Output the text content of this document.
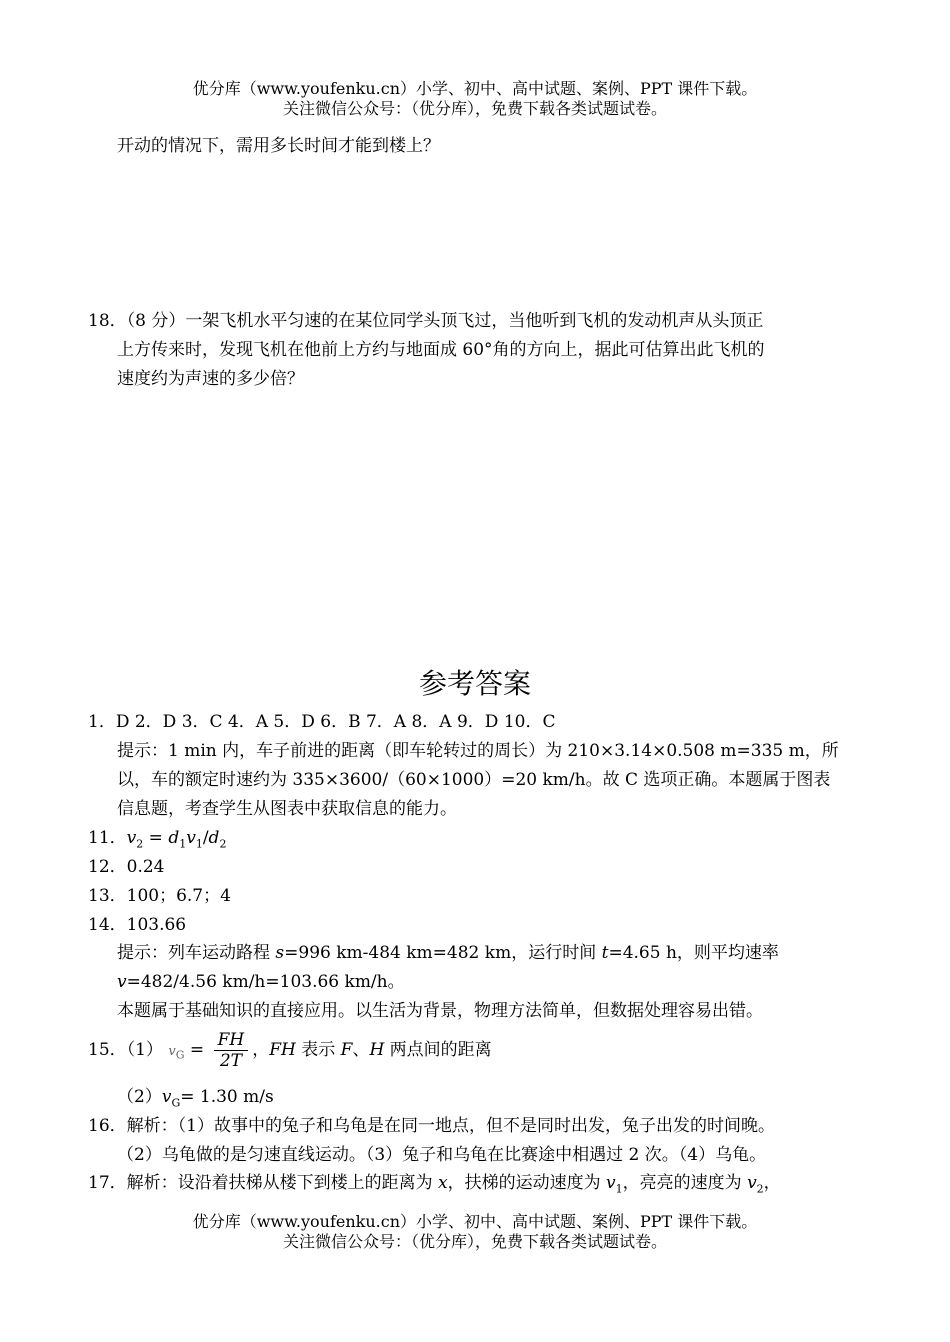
优分库（www.youfenku.cn）小学、初中、高中试题、案例、PPT 课件下载。
关注微信公众号：（优分库），免费下载各类试题试卷。
开动的情况下，需用多长时间才能到楼上？
18．（8 分）一架飞机水平匀速的在某位同学头顶飞过，当他听到飞机的发动机声从头顶正
上方传来时，发现飞机在他前上方约与地面成 60°角的方向上，据此可估算出此飞机的
速度约为声速的多少倍？
参考答案
1．D 2．D 3．C 4．A 5．D 6．B 7．A 8．A 9．D 10．C
提示：1 min 内，车子前进的距离（即车轮转过的周长）为 210×3.14×0.508 m=335 m，所
以，车的额定时速约为 335×3600/（60×1000）=20 km/h。故 C 选项正确。本题属于图表
信息题，考查学生从图表中获取信息的能力。
11．$v_2 = d_1v_1/d_2$
12．0.24
13．100；6.7；4
14．103.66
提示：列车运动路程 s=996 km-484 km=482 km，运行时间 t=4.65 h，则平均速率
v=482/4.56 km/h=103.66 km/h。
本题属于基础知识的直接应用。以生活为背景，物理方法简单，但数据处理容易出错。
15．（1） $v_G = \frac{FH}{2T}$ ，FH 表示 F、H 两点间的距离
$(2)v_G= 1.30$ m/s
16．解析：（1）故事中的兔子和乌龟是在同一地点，但不是同时出发，兔子出发的时间晚。
（2）乌龟做的是匀速直线运动。（3）兔子和乌龟在比赛途中相遇过 2 次。（4）乌龟。
17．解析：设沿着扶梯从楼下到楼上的距离为 x，扶梯的运动速度为 $v_1$，亮亮的速度为 $v_2$，
优分库（www.youfenku.cn）小学、初中、高中试题、案例、PPT 课件下载。
关注微信公众号：（优分库），免费下载各类试题试卷。
